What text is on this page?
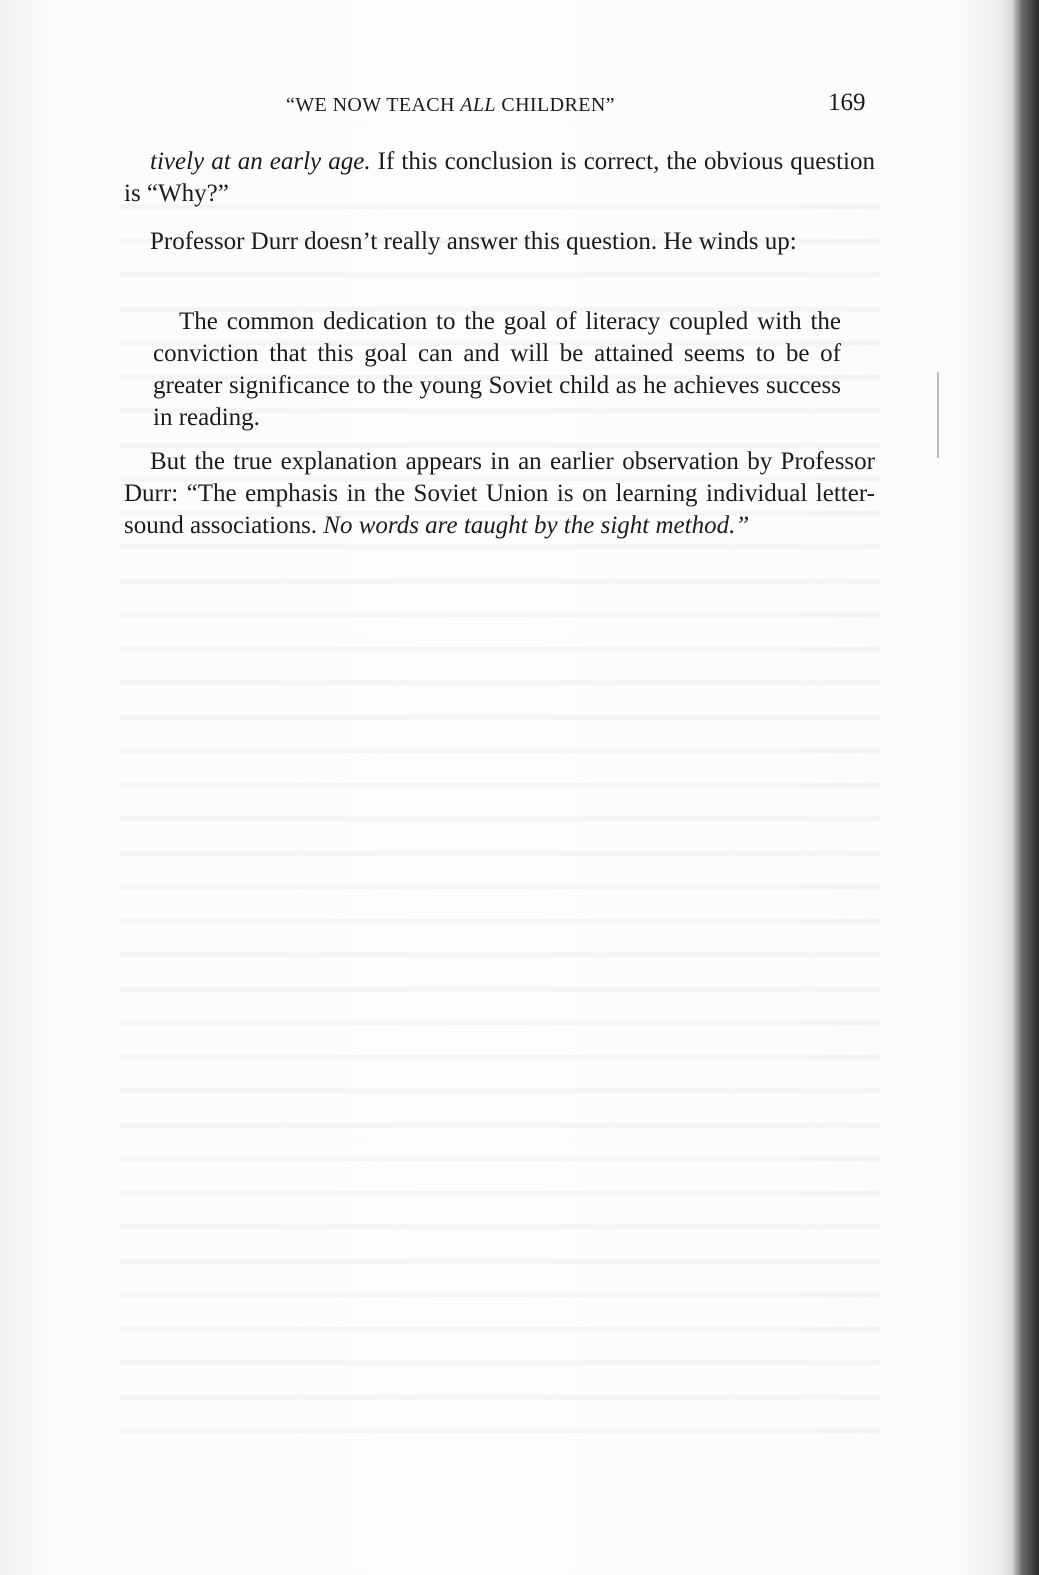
“WE NOW TEACH ALL CHILDREN”	169

tively at an early age. If this conclusion is correct, the obvious question is “Why?”

Professor Durr doesn’t really answer this question. He winds up:

The common dedication to the goal of literacy coupled with the conviction that this goal can and will be attained seems to be of greater significance to the young Soviet child as he achieves success in reading.

But the true explanation appears in an earlier observation by Professor Durr: “The emphasis in the Soviet Union is on learning individual letter-sound associations. No words are taught by the sight method.”
